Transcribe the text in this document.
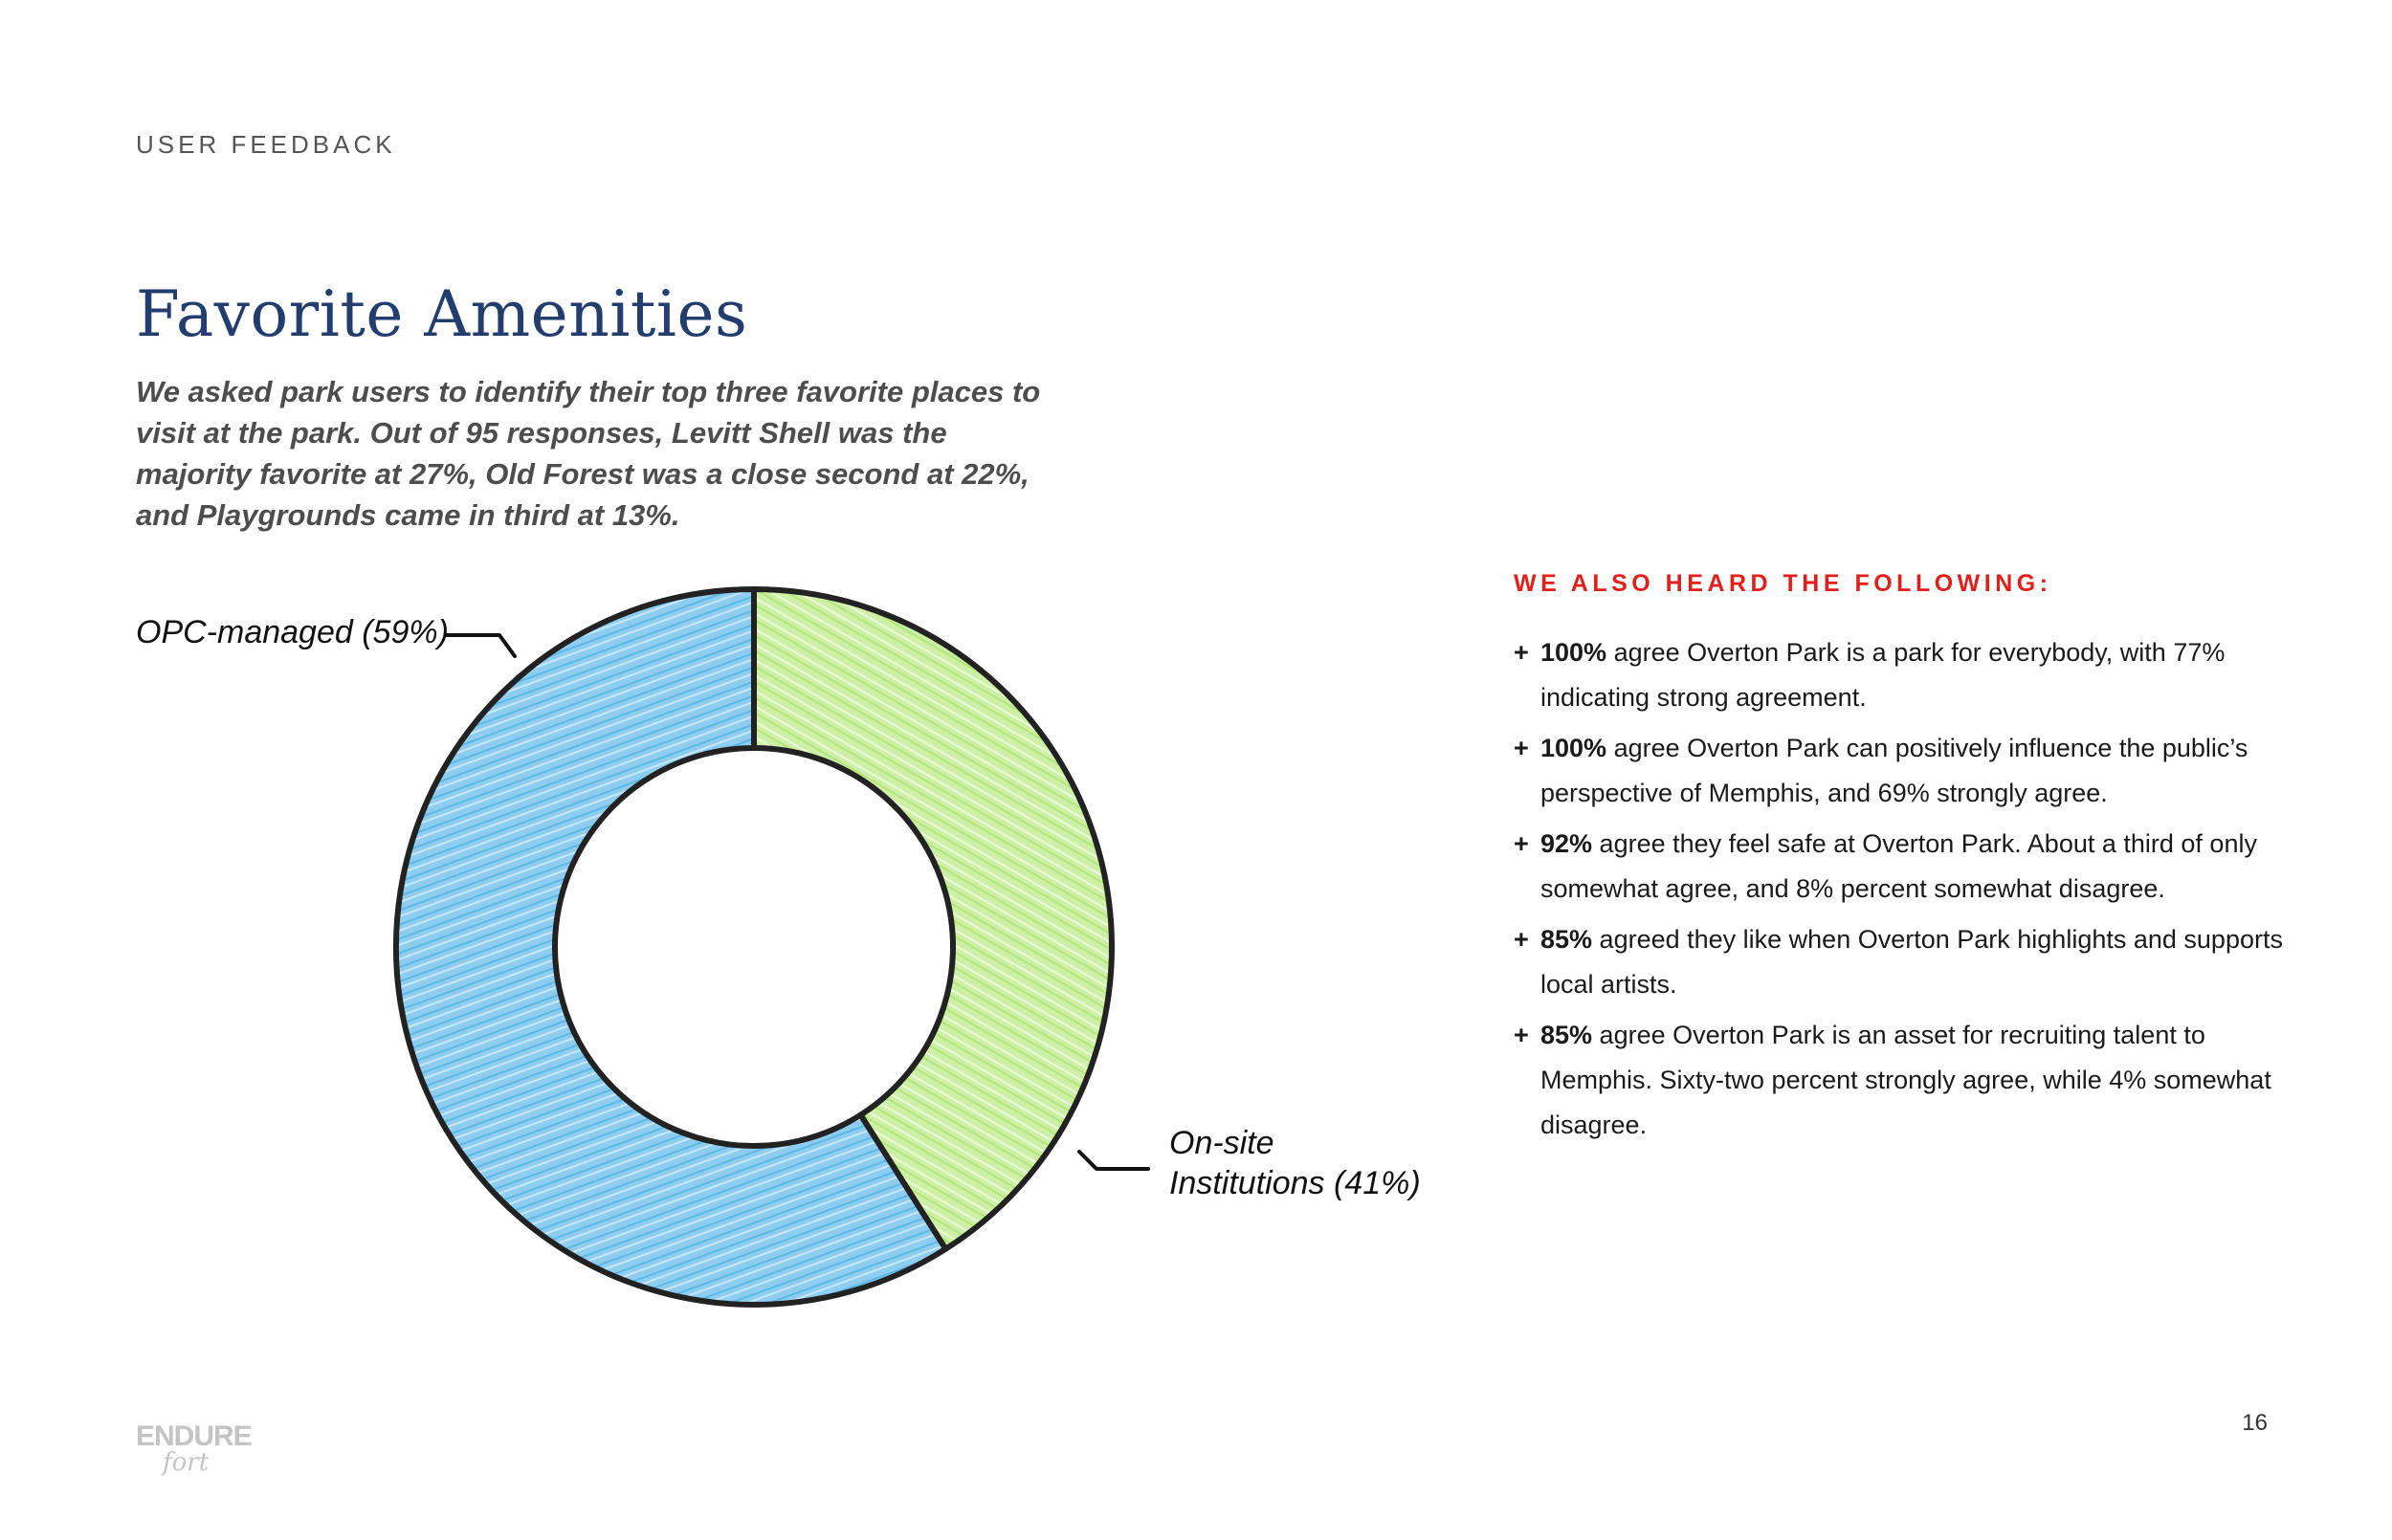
USER FEEDBACK
Favorite Amenities

We asked park users to identify their top three favorite places to visit at the park. Out of 95 responses, Levitt Shell was the majority favorite at 27%, Old Forest was a close second at 22%, and Playgrounds came in third at 13%.

OPC-managed (59%)
On-site
Institutions (41%)
WE ALSO HEARD THE FOLLOWING:
+ 100% agree Overton Park is a park for everybody, with 77% indicating strong agreement.
+ 100% agree Overton Park can positively influence the public’s perspective of Memphis, and 69% strongly agree.
+ 92% agree they feel safe at Overton Park. About a third of only somewhat agree, and 8% percent somewhat disagree.
+ 85% agreed they like when Overton Park highlights and supports local artists.
+ 85% agree Overton Park is an asset for recruiting talent to Memphis. Sixty-two percent strongly agree, while 4% somewhat disagree.
ENDURE
fort
16
